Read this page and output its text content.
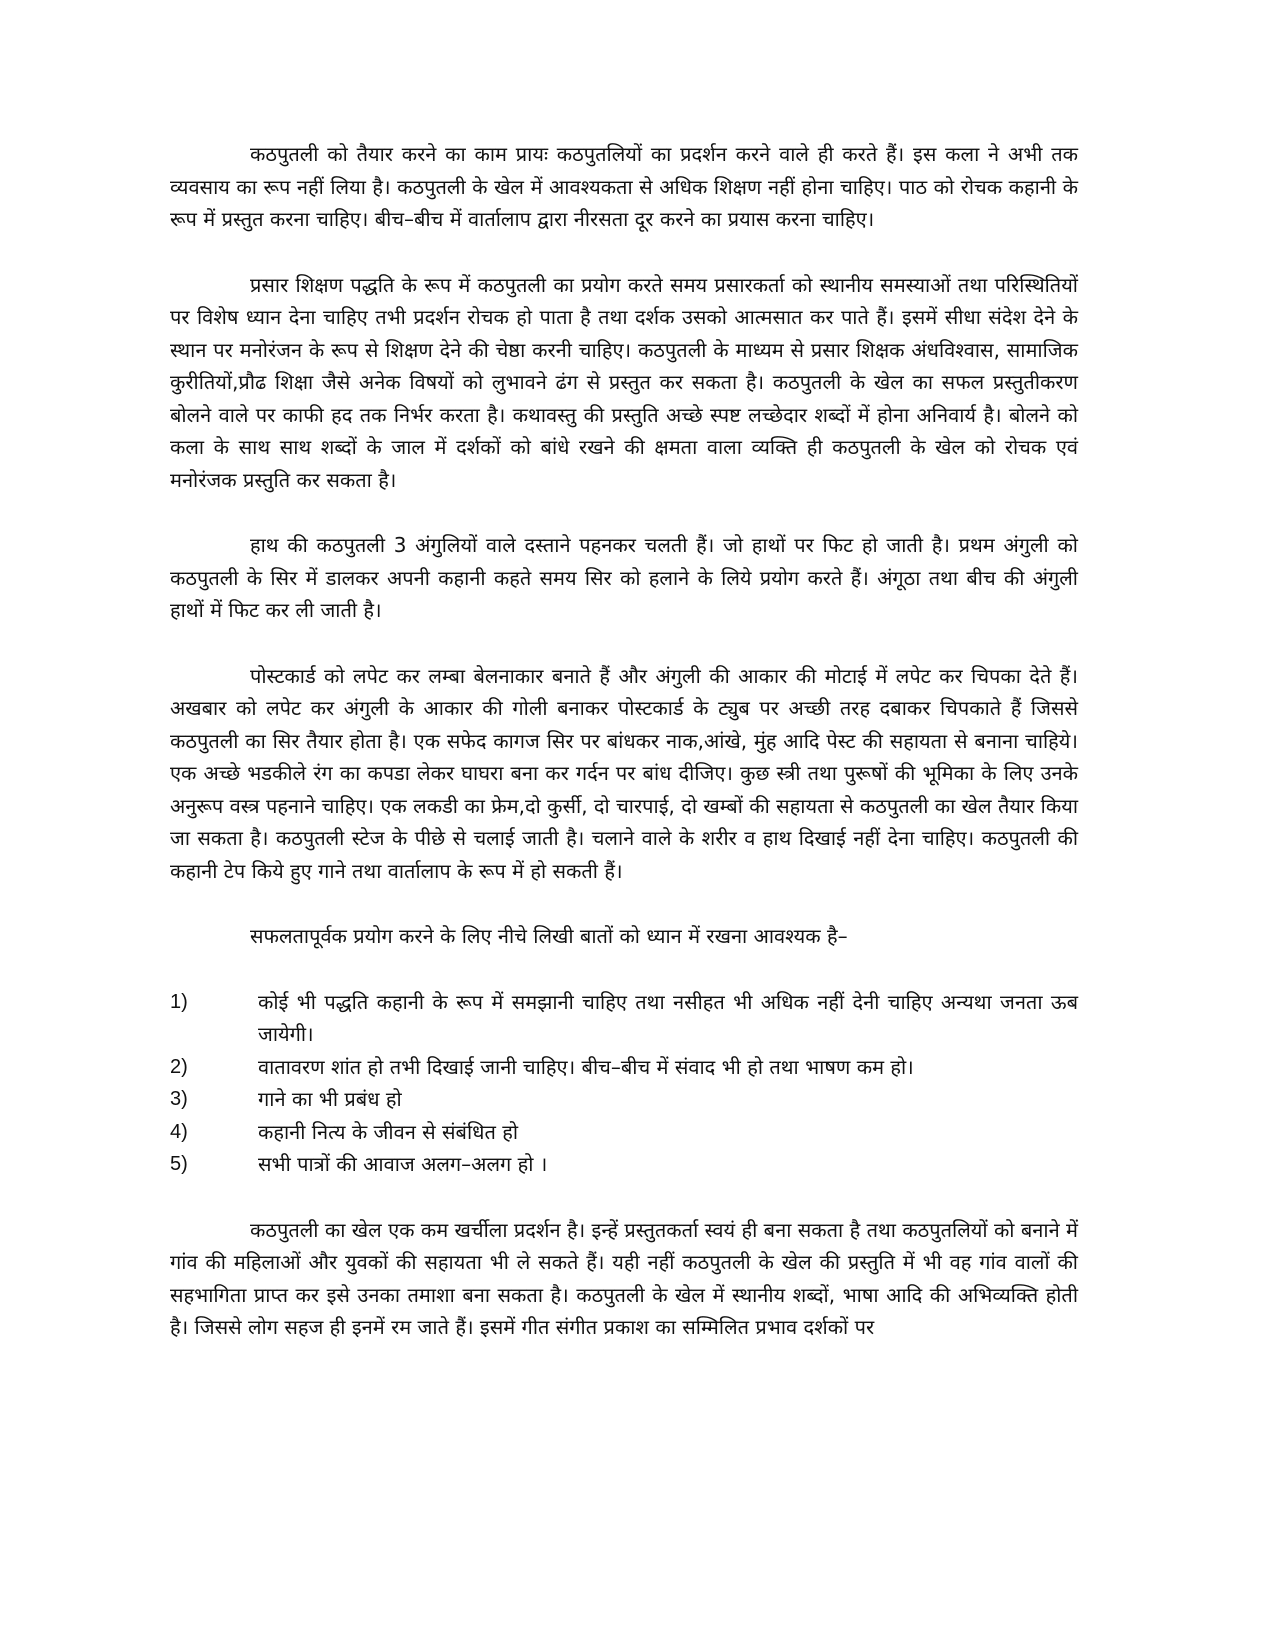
कठपुतली को तैयार करने का काम प्रायः कठपुतलियों का प्रदर्शन करने वाले ही करते हैं। इस कला ने अभी तक व्यवसाय का रूप नहीं लिया है। कठपुतली के खेल में आवश्यकता से अधिक शिक्षण नहीं होना चाहिए। पाठ को रोचक कहानी के रूप में प्रस्तुत करना चाहिए। बीच–बीच में वार्तालाप द्वारा नीरसता दूर करने का प्रयास करना चाहिए।

प्रसार शिक्षण पद्धति के रूप में कठपुतली का प्रयोग करते समय प्रसारकर्ता को स्थानीय समस्याओं तथा परिस्थितियों पर विशेष ध्यान देना चाहिए तभी प्रदर्शन रोचक हो पाता है तथा दर्शक उसको आत्मसात कर पाते हैं। इसमें सीधा संदेश देने के स्थान पर मनोरंजन के रूप से शिक्षण देने की चेष्ठा करनी चाहिए। कठपुतली के माध्यम से प्रसार शिक्षक अंधविश्वास, सामाजिक कुरीतियों,प्रौढ शिक्षा जैसे अनेक विषयों को लुभावने ढंग से प्रस्तुत कर सकता है। कठपुतली के खेल का सफल प्रस्तुतीकरण बोलने वाले पर काफी हद तक निर्भर करता है। कथावस्तु की प्रस्तुति अच्छे स्पष्ट लच्छेदार शब्दों में होना अनिवार्य है। बोलने को कला के साथ साथ शब्दों के जाल में दर्शकों को बांधे रखने की क्षमता वाला व्यक्ति ही कठपुतली के खेल को रोचक एवं मनोरंजक प्रस्तुति कर सकता है।

हाथ की कठपुतली 3 अंगुलियों वाले दस्ताने पहनकर चलती हैं। जो हाथों पर फिट हो जाती है। प्रथम अंगुली को कठपुतली के सिर में डालकर अपनी कहानी कहते समय सिर को हलाने के लिये प्रयोग करते हैं। अंगूठा तथा बीच की अंगुली हाथों में फिट कर ली जाती है।

पोस्टकार्ड को लपेट कर लम्बा बेलनाकार बनाते हैं और अंगुली की आकार की मोटाई में लपेट कर चिपका देते हैं। अखबार को लपेट कर अंगुली के आकार की गोली बनाकर पोस्टकार्ड के ट्युब पर अच्छी तरह दबाकर चिपकाते हैं जिससे कठपुतली का सिर तैयार होता है। एक सफेद कागज सिर पर बांधकर नाक,आंखे, मुंह आदि पेस्ट की सहायता से बनाना चाहिये। एक अच्छे भडकीले रंग का कपडा लेकर घाघरा बना कर गर्दन पर बांध दीजिए। कुछ स्त्री तथा पुरूषों की भूमिका के लिए उनके अनुरूप वस्त्र पहनाने चाहिए। एक लकडी का फ्रेम,दो कुर्सी, दो चारपाई, दो खम्बों की सहायता से कठपुतली का खेल तैयार किया जा सकता है। कठपुतली स्टेज के पीछे से चलाई जाती है। चलाने वाले के शरीर व हाथ दिखाई नहीं देना चाहिए। कठपुतली की कहानी टेप किये हुए गाने तथा वार्तालाप के रूप में हो सकती हैं।

सफलतापूर्वक प्रयोग करने के लिए नीचे लिखी बातों को ध्यान में रखना आवश्यक है–

1)	कोई भी पद्धति कहानी के रूप में समझानी चाहिए तथा नसीहत भी अधिक नहीं देनी चाहिए अन्यथा जनता ऊब जायेगी।
2)	वातावरण शांत हो तभी दिखाई जानी चाहिए। बीच–बीच में संवाद भी हो तथा भाषण कम हो।
3)	गाने का भी प्रबंध हो
4)	कहानी नित्य के जीवन से संबंधित हो
5)	सभी पात्रों की आवाज अलग–अलग हो ।

कठपुतली का खेल एक कम खर्चीला प्रदर्शन है। इन्हें प्रस्तुतकर्ता स्वयं ही बना सकता है तथा कठपुतलियों को बनाने में गांव की महिलाओं और युवकों की सहायता भी ले सकते हैं। यही नहीं कठपुतली के खेल की प्रस्तुति में भी वह गांव वालों की सहभागिता प्राप्त कर इसे उनका तमाशा बना सकता है। कठपुतली के खेल में स्थानीय शब्दों, भाषा आदि की अभिव्यक्ति होती है। जिससे लोग सहज ही इनमें रम जाते हैं। इसमें गीत संगीत प्रकाश का सम्मिलित प्रभाव दर्शकों पर
